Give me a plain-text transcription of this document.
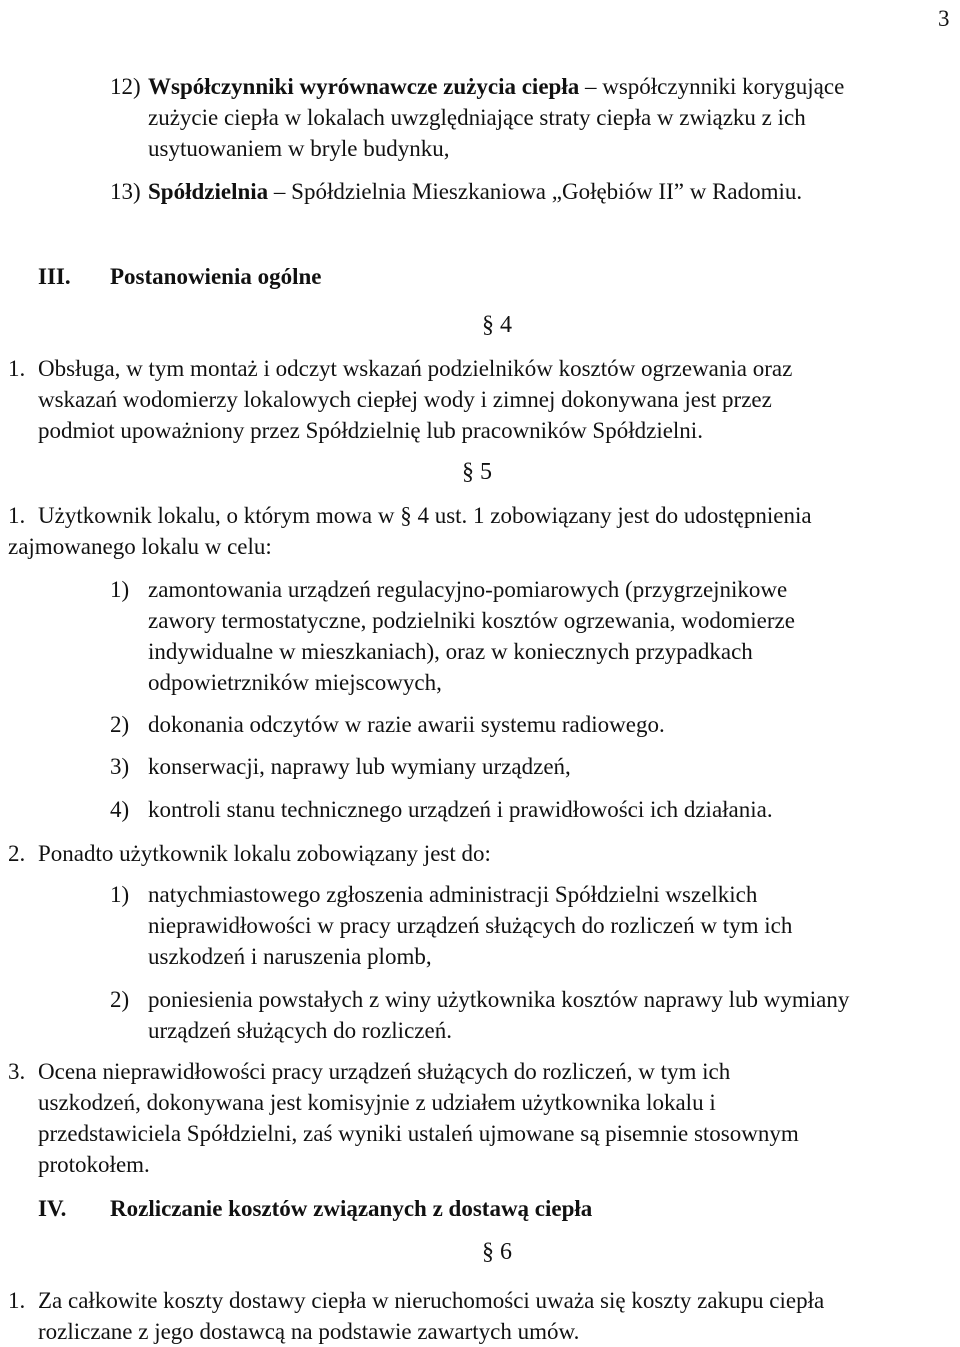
3
12) Współczynniki wyrównawcze zużycia ciepła – współczynniki korygujące
zużycie ciepła w lokalach uwzględniające straty ciepła w związku z ich
usytuowaniem w bryle budynku,
13) Spółdzielnia – Spółdzielnia Mieszkaniowa „Gołębiów II” w Radomiu.
III. Postanowienia ogólne
§ 4
1. Obsługa, w tym montaż i odczyt wskazań podzielników kosztów ogrzewania oraz
wskazań wodomierzy lokalowych ciepłej wody i zimnej dokonywana jest przez
podmiot upoważniony przez Spółdzielnię lub pracowników Spółdzielni.
§ 5
1. Użytkownik lokalu, o którym mowa w § 4 ust. 1 zobowiązany jest do udostępnienia
zajmowanego lokalu w celu:
1) zamontowania urządzeń regulacyjno-pomiarowych (przygrzejnikowe
zawory termostatyczne, podzielniki kosztów ogrzewania, wodomierze
indywidualne w mieszkaniach), oraz w koniecznych przypadkach
odpowietrzników miejscowych,
2) dokonania odczytów w razie awarii systemu radiowego.
3) konserwacji, naprawy lub wymiany urządzeń,
4) kontroli stanu technicznego urządzeń i prawidłowości ich działania.
2. Ponadto użytkownik lokalu zobowiązany jest do:
1) natychmiastowego zgłoszenia administracji Spółdzielni wszelkich
nieprawidłowości w pracy urządzeń służących do rozliczeń w tym ich
uszkodzeń i naruszenia plomb,
2) poniesienia powstałych z winy użytkownika kosztów naprawy lub wymiany
urządzeń służących do rozliczeń.
3. Ocena nieprawidłowości pracy urządzeń służących do rozliczeń, w tym ich
uszkodzeń, dokonywana jest komisyjnie z udziałem użytkownika lokalu i
przedstawiciela Spółdzielni, zaś wyniki ustaleń ujmowane są pisemnie stosownym
protokołem.
IV. Rozliczanie kosztów związanych z dostawą ciepła
§ 6
1. Za całkowite koszty dostawy ciepła w nieruchomości uważa się koszty zakupu ciepła
rozliczane z jego dostawcą na podstawie zawartych umów.
